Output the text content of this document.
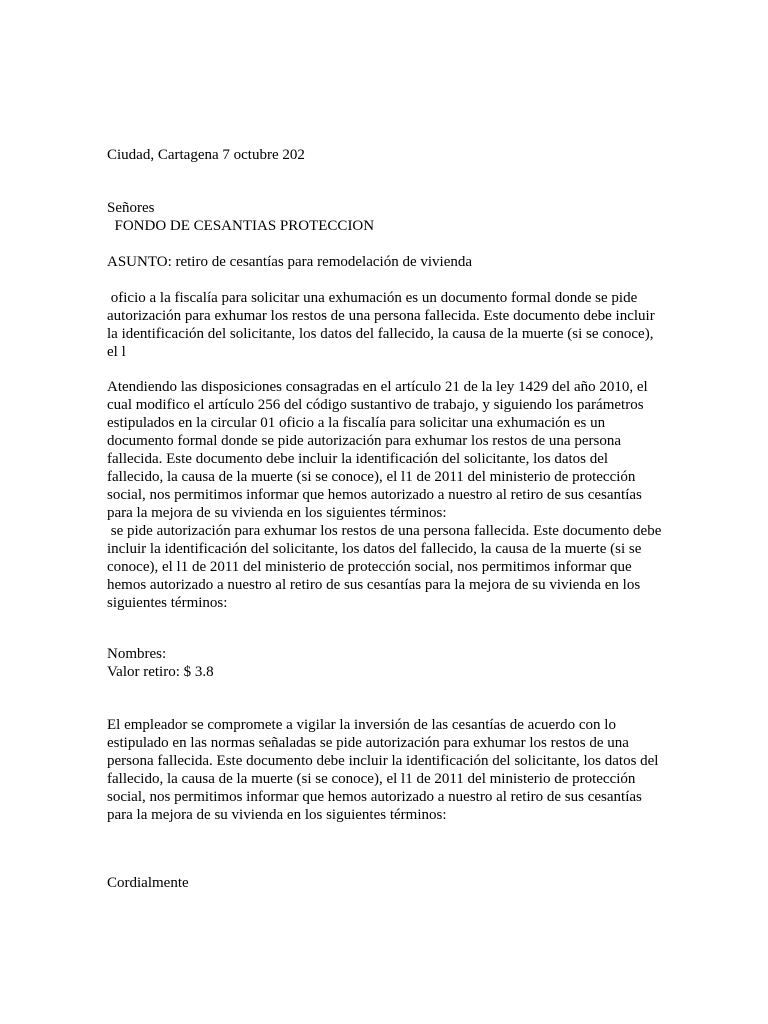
Ciudad, Cartagena 7 octubre 202

Señores

FONDO DE CESANTIAS PROTECCION

ASUNTO: retiro de cesantías para remodelación de vivienda

oficio a la fiscalía para solicitar una exhumación es un documento formal donde se pide autorización para exhumar los restos de una persona fallecida. Este documento debe incluir la identificación del solicitante, los datos del fallecido, la causa de la muerte (si se conoce), el l

Atendiendo las disposiciones consagradas en el artículo 21 de la ley 1429 del año 2010, el cual modifico el artículo 256 del código sustantivo de trabajo, y siguiendo los parámetros estipulados en la circular 01 oficio a la fiscalía para solicitar una exhumación es un documento formal donde se pide autorización para exhumar los restos de una persona fallecida. Este documento debe incluir la identificación del solicitante, los datos del fallecido, la causa de la muerte (si se conoce), el l1 de 2011 del ministerio de protección social, nos permitimos informar que hemos autorizado a nuestro al retiro de sus cesantías para la mejora de su vivienda en los siguientes términos:
se pide autorización para exhumar los restos de una persona fallecida. Este documento debe incluir la identificación del solicitante, los datos del fallecido, la causa de la muerte (si se conoce), el l1 de 2011 del ministerio de protección social, nos permitimos informar que hemos autorizado a nuestro al retiro de sus cesantías para la mejora de su vivienda en los siguientes términos:

Nombres:

Valor retiro: $ 3.8

El empleador se compromete a vigilar la inversión de las cesantías de acuerdo con lo estipulado en las normas señaladas se pide autorización para exhumar los restos de una persona fallecida. Este documento debe incluir la identificación del solicitante, los datos del fallecido, la causa de la muerte (si se conoce), el l1 de 2011 del ministerio de protección social, nos permitimos informar que hemos autorizado a nuestro al retiro de sus cesantías para la mejora de su vivienda en los siguientes términos:

Cordialmente
